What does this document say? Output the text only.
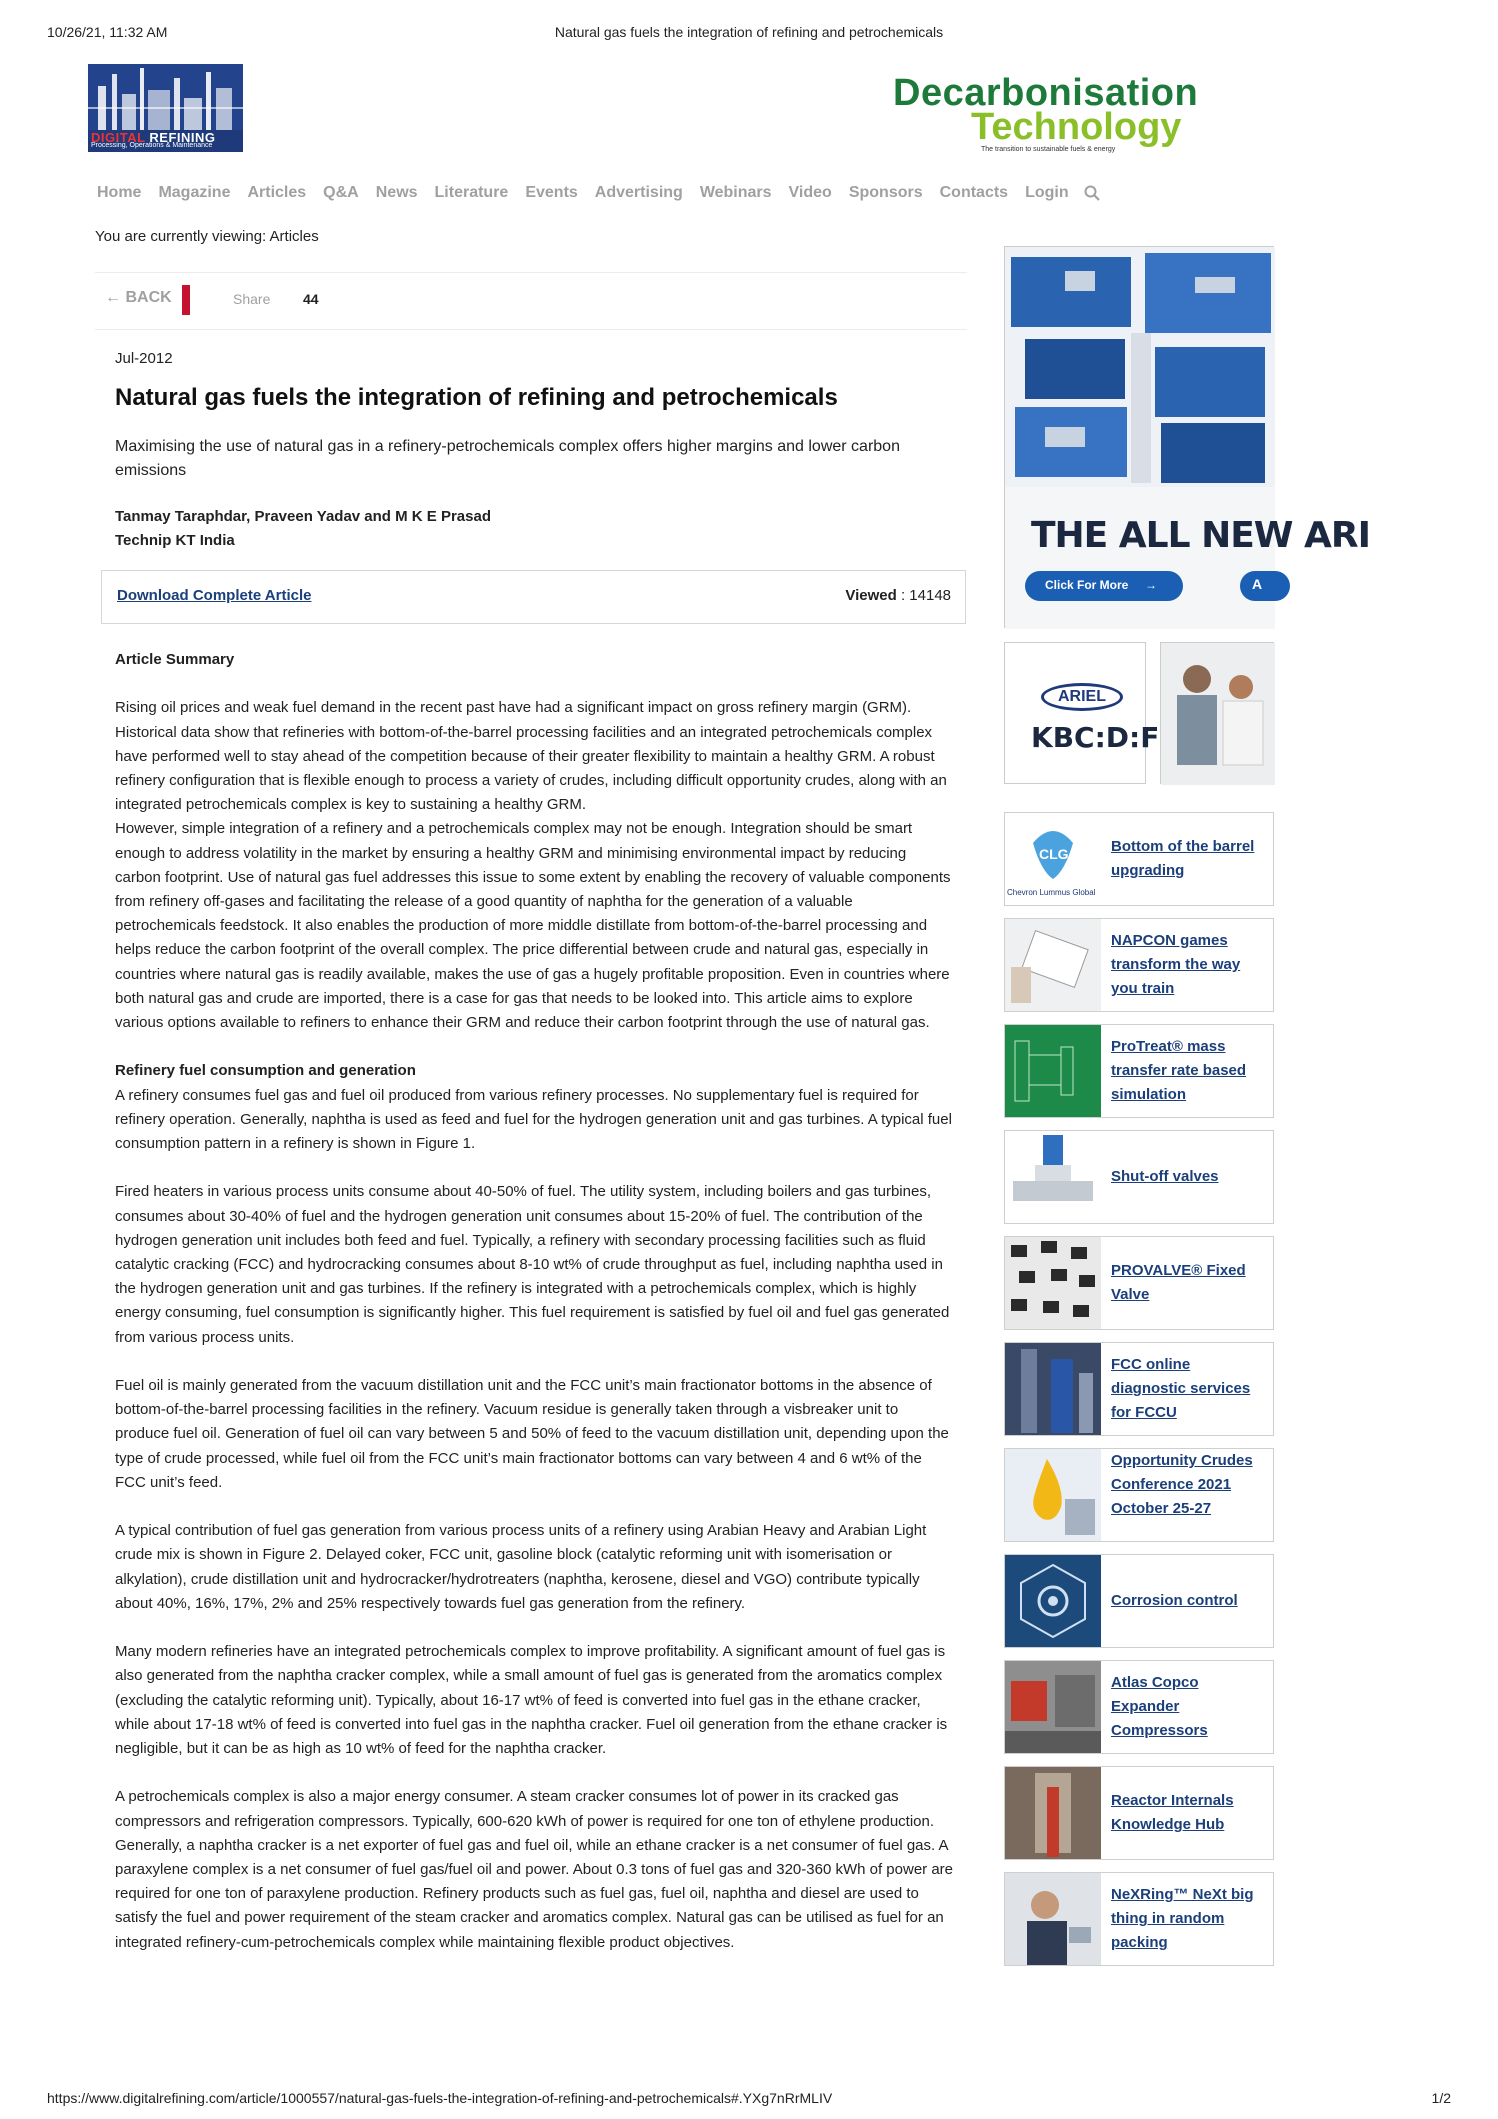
10/26/21, 11:32 AM	Natural gas fuels the integration of refining and petrochemicals
DIGITAL REFINING
Processing, Operations & Maintenance
Decarbonisation
Technology
The transition to sustainable fuels & energy
Home Magazine Articles Q&A News Literature Events Advertising Webinars Video Sponsors Contacts Login
You are currently viewing: Articles
← BACK	Share 44
Jul-2012
Natural gas fuels the integration of refining and petrochemicals
Maximising the use of natural gas in a refinery-petrochemicals complex offers higher margins and lower carbon emissions
Tanmay Taraphdar, Praveen Yadav and M K E Prasad
Technip KT India
Download Complete Article	Viewed : 14148

Article Summary

Rising oil prices and weak fuel demand in the recent past have had a significant impact on gross refinery margin (GRM). Historical data show that refineries with bottom-of-the-barrel processing facilities and an integrated petrochemicals complex have performed well to stay ahead of the competition because of their greater flexibility to maintain a healthy GRM. A robust refinery configuration that is flexible enough to process a variety of crudes, including difficult opportunity crudes, along with an integrated petrochemicals complex is key to sustaining a healthy GRM.

However, simple integration of a refinery and a petrochemicals complex may not be enough. Integration should be smart enough to address volatility in the market by ensuring a healthy GRM and minimising environmental impact by reducing carbon footprint. Use of natural gas fuel addresses this issue to some extent by enabling the recovery of valuable components from refinery off-gases and facilitating the release of a good quantity of naphtha for the generation of a valuable petrochemicals feedstock. It also enables the production of more middle distillate from bottom-of-the-barrel processing and helps reduce the carbon footprint of the overall complex. The price differential between crude and natural gas, especially in countries where natural gas is readily available, makes the use of gas a hugely profitable proposition. Even in countries where both natural gas and crude are imported, there is a case for gas that needs to be looked into. This article aims to explore various options available to refiners to enhance their GRM and reduce their carbon footprint through the use of natural gas.

Refinery fuel consumption and generation

A refinery consumes fuel gas and fuel oil produced from various refinery processes. No supplementary fuel is required for refinery operation. Generally, naphtha is used as feed and fuel for the hydrogen generation unit and gas turbines. A typical fuel consumption pattern in a refinery is shown in Figure 1.

Fired heaters in various process units consume about 40-50% of fuel. The utility system, including boilers and gas turbines, consumes about 30-40% of fuel and the hydrogen generation unit consumes about 15-20% of fuel. The contribution of the hydrogen generation unit includes both feed and fuel. Typically, a refinery with secondary processing facilities such as fluid catalytic cracking (FCC) and hydrocracking consumes about 8-10 wt% of crude throughput as fuel, including naphtha used in the hydrogen generation unit and gas turbines. If the refinery is integrated with a petrochemicals complex, which is highly energy consuming, fuel consumption is significantly higher. This fuel requirement is satisfied by fuel oil and fuel gas generated from various process units.

Fuel oil is mainly generated from the vacuum distillation unit and the FCC unit’s main fractionator bottoms in the absence of bottom-of-the-barrel processing facilities in the refinery. Vacuum residue is generally taken through a visbreaker unit to produce fuel oil. Generation of fuel oil can vary between 5 and 50% of feed to the vacuum distillation unit, depending upon the type of crude processed, while fuel oil from the FCC unit’s main fractionator bottoms can vary between 4 and 6 wt% of the FCC unit’s feed.

A typical contribution of fuel gas generation from various process units of a refinery using Arabian Heavy and Arabian Light crude mix is shown in Figure 2. Delayed coker, FCC unit, gasoline block (catalytic reforming unit with isomerisation or alkylation), crude distillation unit and hydrocracker/hydrotreaters (naphtha, kerosene, diesel and VGO) contribute typically about 40%, 16%, 17%, 2% and 25% respectively towards fuel gas generation from the refinery.

Many modern refineries have an integrated petrochemicals complex to improve profitability. A significant amount of fuel gas is also generated from the naphtha cracker complex, while a small amount of fuel gas is generated from the aromatics complex (excluding the catalytic reforming unit). Typically, about 16-17 wt% of feed is converted into fuel gas in the ethane cracker, while about 17-18 wt% of feed is converted into fuel gas in the naphtha cracker. Fuel oil generation from the ethane cracker is negligible, but it can be as high as 10 wt% of feed for the naphtha cracker.

A petrochemicals complex is also a major energy consumer. A steam cracker consumes lot of power in its cracked gas compressors and refrigeration compressors. Typically, 600-620 kWh of power is required for one ton of ethylene production. Generally, a naphtha cracker is a net exporter of fuel gas and fuel oil, while an ethane cracker is a net consumer of fuel gas. A paraxylene complex is a net consumer of fuel gas/fuel oil and power. About 0.3 tons of fuel gas and 320-360 kWh of power are required for one ton of paraxylene production. Refinery products such as fuel gas, fuel oil, naphtha and diesel are used to satisfy the fuel and power requirement of the steam cracker and aromatics complex. Natural gas can be utilised as fuel for an integrated refinery-cum-petrochemicals complex while maintaining flexible product objectives.

THE ALL NEW ARI
Click For More →	A
ARIEL
KBC:D:F
CLG
Chevron Lummus Global
Bottom of the barrel upgrading
NAPCON games transform the way you train
ProTreat® mass transfer rate based simulation
Shut-off valves
PROVALVE® Fixed Valve
FCC online diagnostic services for FCCU
Opportunity Crudes Conference 2021 October 25-27
Corrosion control
Atlas Copco Expander Compressors
Reactor Internals Knowledge Hub
NeXRing™ NeXt big thing in random packing
https://www.digitalrefining.com/article/1000557/natural-gas-fuels-the-integration-of-refining-and-petrochemicals#.YXg7nRrMLIV	1/2
